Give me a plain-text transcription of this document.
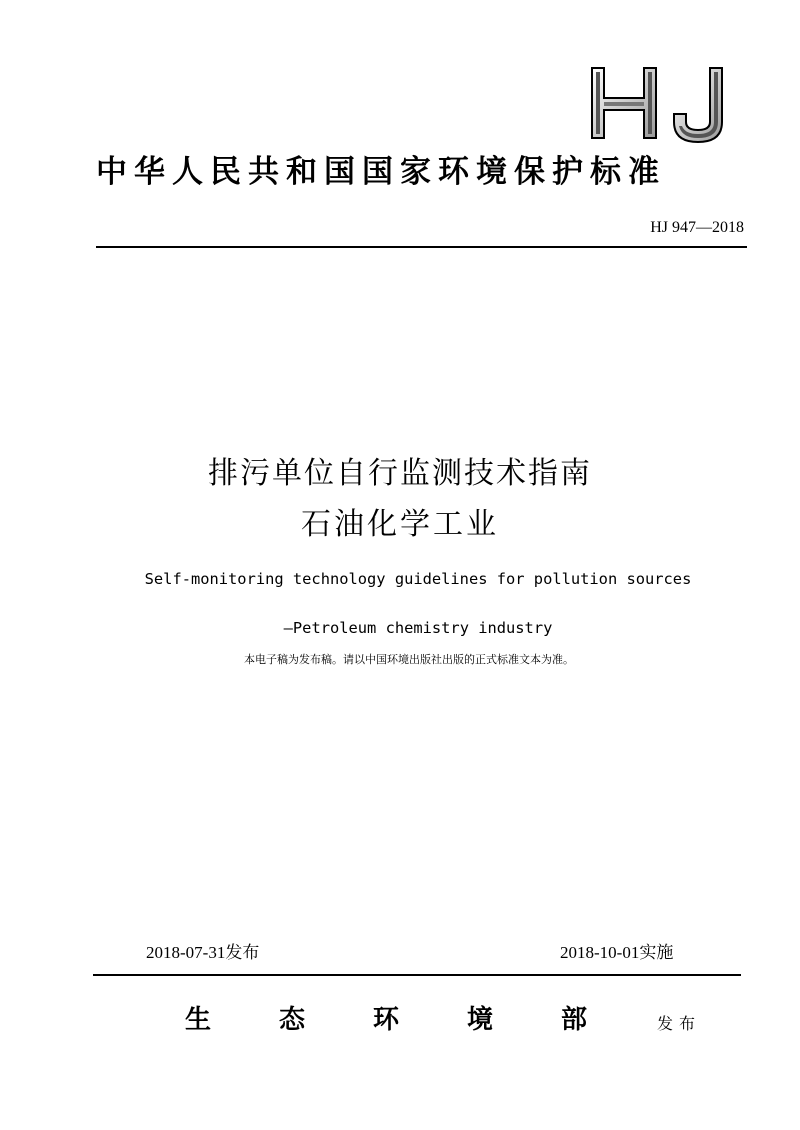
中华人民共和国国家环境保护标准
HJ 947—2018
排污单位自行监测技术指南
石油化学工业
Self-monitoring technology guidelines for pollution sources
—Petroleum chemistry industry
本电子稿为发布稿。请以中国环境出版社出版的正式标准文本为准。
2018-07-31发布	2018-10-01实施
生	态	环	境	部	发布
